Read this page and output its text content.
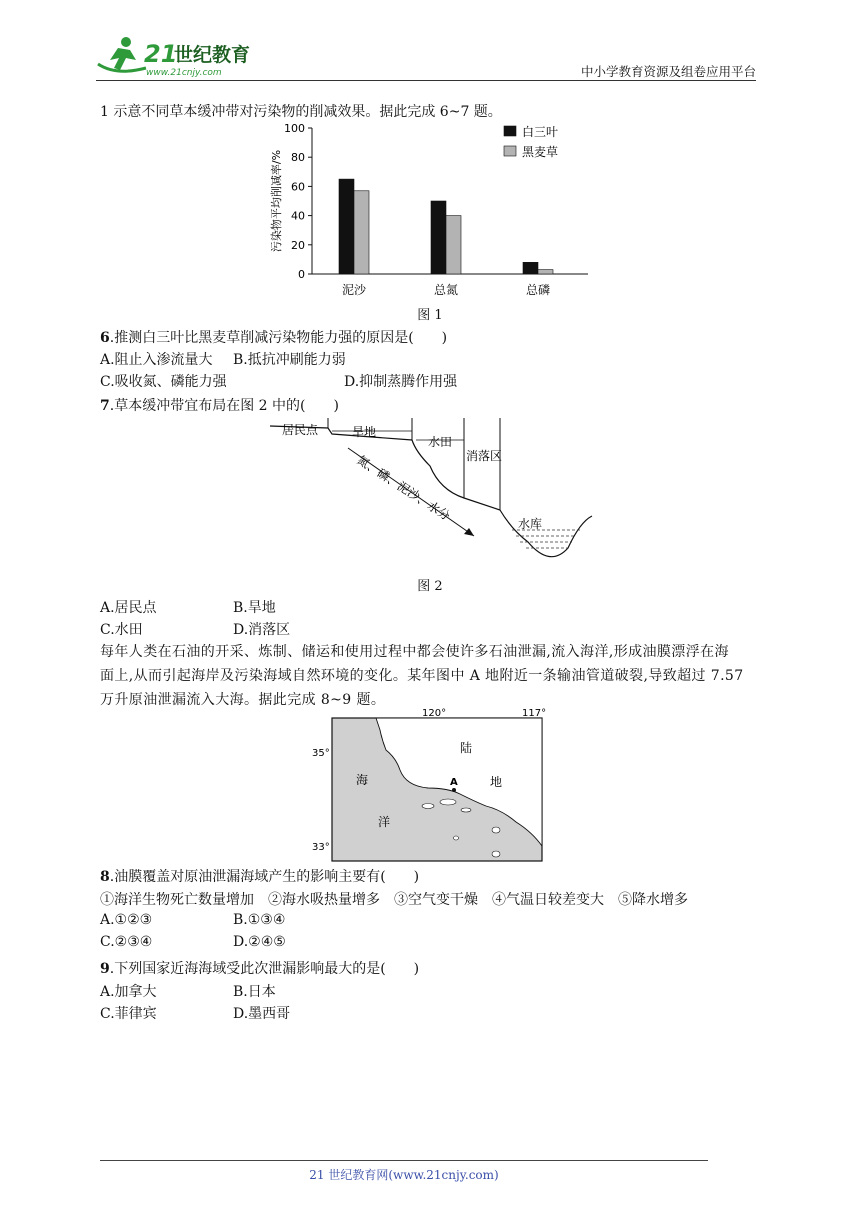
21
世纪教育
www.21cnjy.com	中小学教育资源及组卷应用平台
1 示意不同草本缓冲带对污染物的削减效果。据此完成 6~7 题。
0
20
40
60
80
100
污染物平均削减率/%
泥沙	总氮	总磷
白三叶
黑麦草
图 1
6.推测白三叶比黑麦草削减污染物能力强的原因是(　　)
A.阻止入渗流量大 B.抵抗冲刷能力弱
C.吸收氮、磷能力强	D.抑制蒸腾作用强
7.草本缓冲带宜布局在图 2 中的(　　)
居民点	旱地
水田
消落区
水库
氮、磷、泥沙、水分
图 2
A.居民点	B.旱地
C.水田	D.消落区
每年人类在石油的开采、炼制、储运和使用过程中都会使许多石油泄漏,流入海洋,形成油膜漂浮在海
面上,从而引起海岸及污染海域自然环境的变化。某年图中 A 地附近一条输油管道破裂,导致超过 7.57
万升原油泄漏流入大海。据此完成 8~9 题。
120°	117°
35°
33°
陆
地
海
洋
A
8.油膜覆盖对原油泄漏海域产生的影响主要有(　　)
①海洋生物死亡数量增加　②海水吸热量增多　③空气变干燥　④气温日较差变大　⑤降水增多
A.①②③	B.①③④
C.②③④	D.②④⑤
9.下列国家近海海域受此次泄漏影响最大的是(　　)
A.加拿大	B.日本
C.菲律宾	D.墨西哥
21 世纪教育网(www.21cnjy.com)
